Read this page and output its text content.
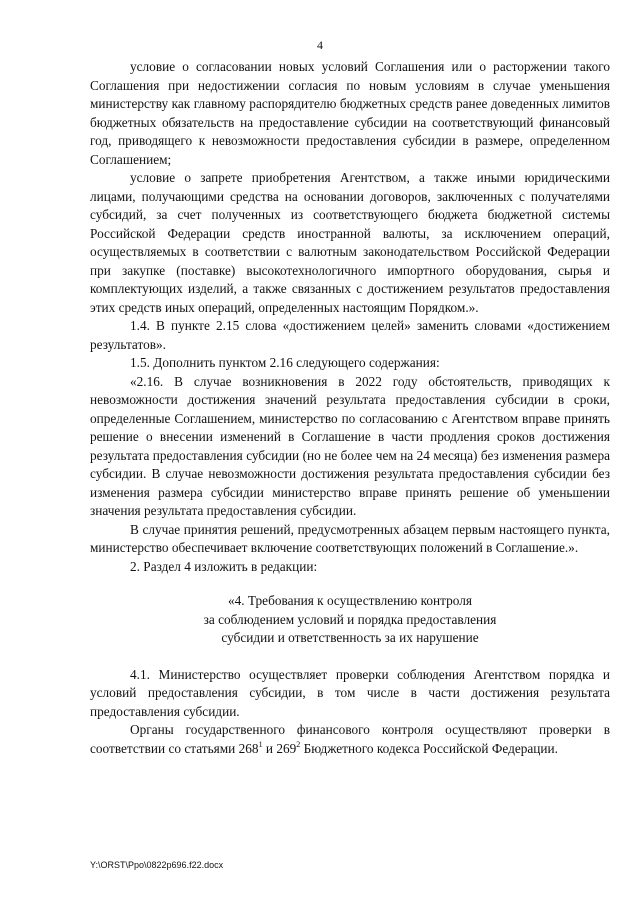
4

условие о согласовании новых условий Соглашения или о расторжении такого Соглашения при недостижении согласия по новым условиям в случае уменьшения министерству как главному распорядителю бюджетных средств ранее доведенных лимитов бюджетных обязательств на предоставление субсидии на соответствующий финансовый год, приводящего к невозможности предоставления субсидии в размере, определенном Соглашением;

условие о запрете приобретения Агентством, а также иными юридическими лицами, получающими средства на основании договоров, заключенных с получателями субсидий, за счет полученных из соответствующего бюджета бюджетной системы Российской Федерации средств иностранной валюты, за исключением операций, осуществляемых в соответствии с валютным законодательством Российской Федерации при закупке (поставке) высокотехнологичного импортного оборудования, сырья и комплектующих изделий, а также связанных с достижением результатов предоставления этих средств иных операций, определенных настоящим Порядком.».

1.4. В пункте 2.15 слова «достижением целей» заменить словами «достижением результатов».

1.5. Дополнить пунктом 2.16 следующего содержания:

«2.16. В случае возникновения в 2022 году обстоятельств, приводящих к невозможности достижения значений результата предоставления субсидии в сроки, определенные Соглашением, министерство по согласованию с Агентством вправе принять решение о внесении изменений в Соглашение в части продления сроков достижения результата предоставления субсидии (но не более чем на 24 месяца) без изменения размера субсидии. В случае невозможности достижения результата предоставления субсидии без изменения размера субсидии министерство вправе принять решение об уменьшении значения результата предоставления субсидии.

В случае принятия решений, предусмотренных абзацем первым настоящего пункта, министерство обеспечивает включение соответствующих положений в Соглашение.».

2. Раздел 4 изложить в редакции:

«4. Требования к осуществлению контроля
за соблюдением условий и порядка предоставления
субсидии и ответственность за их нарушение

4.1. Министерство осуществляет проверки соблюдения Агентством порядка и условий предоставления субсидии, в том числе в части достижения результата предоставления субсидии.

Органы государственного финансового контроля осуществляют проверки в соответствии со статьями $268^1$ и $269^2$ Бюджетного кодекса Российской Федерации.

Y:\ORST\Ppo\0822p696.f22.docx
